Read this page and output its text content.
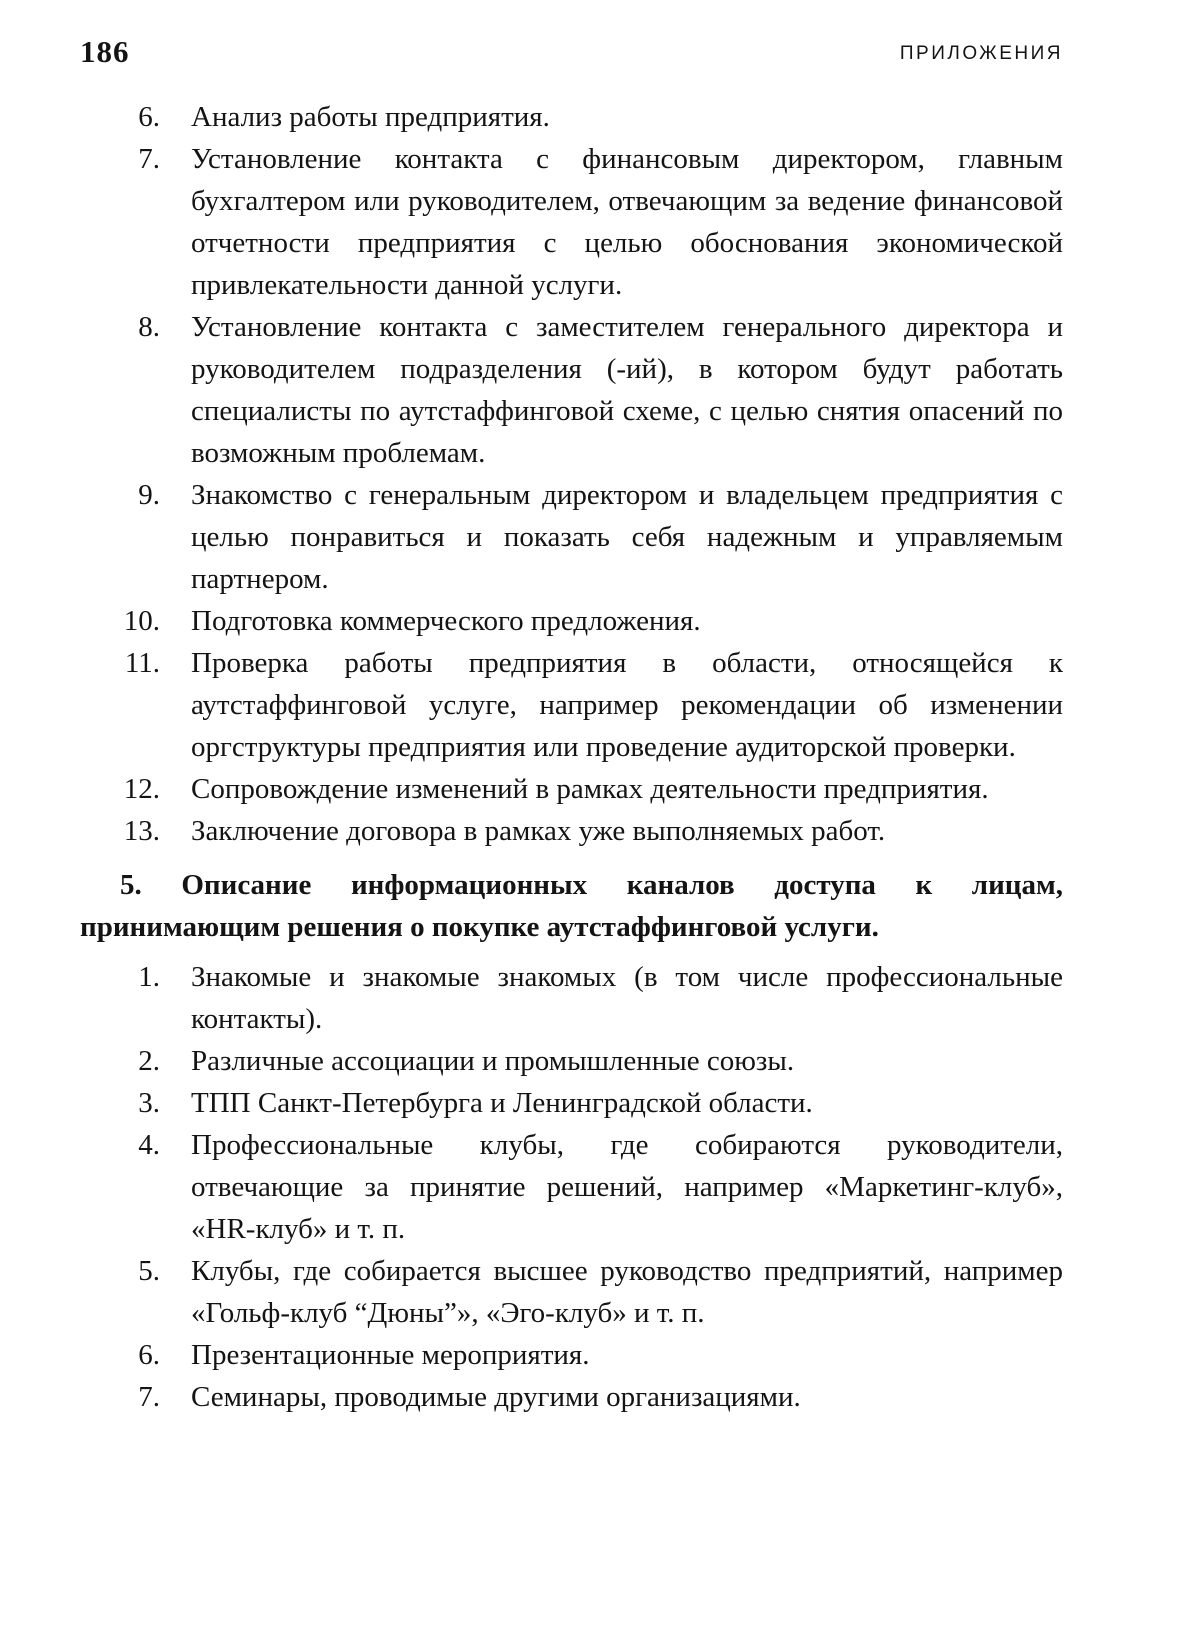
186	ПРИЛОЖЕНИЯ
6. Анализ работы предприятия.
7. Установление контакта с финансовым директором, главным бухгалтером или руководителем, отвечающим за ведение финансовой отчетности предприятия с целью обоснования экономической привлекательности данной услуги.
8. Установление контакта с заместителем генерального директора и руководителем подразделения (-ий), в котором будут работать специалисты по аутстаффинговой схеме, с целью снятия опасений по возможным проблемам.
9. Знакомство с генеральным директором и владельцем предприятия с целью понравиться и показать себя надежным и управляемым партнером.
10. Подготовка коммерческого предложения.
11. Проверка работы предприятия в области, относящейся к аутстаффинговой услуге, например рекомендации об изменении оргструктуры предприятия или проведение аудиторской проверки.
12. Сопровождение изменений в рамках деятельности предприятия.
13. Заключение договора в рамках уже выполняемых работ.

5. Описание информационных каналов доступа к лицам, принимающим решения о покупке аутстаффинговой услуги.

1. Знакомые и знакомые знакомых (в том числе профессиональные контакты).
2. Различные ассоциации и промышленные союзы.
3. ТПП Санкт-Петербурга и Ленинградской области.
4. Профессиональные клубы, где собираются руководители, отвечающие за принятие решений, например «Маркетинг-клуб», «HR-клуб» и т. п.
5. Клубы, где собирается высшее руководство предприятий, например «Гольф-клуб “Дюны”», «Эго-клуб» и т. п.
6. Презентационные мероприятия.
7. Семинары, проводимые другими организациями.
